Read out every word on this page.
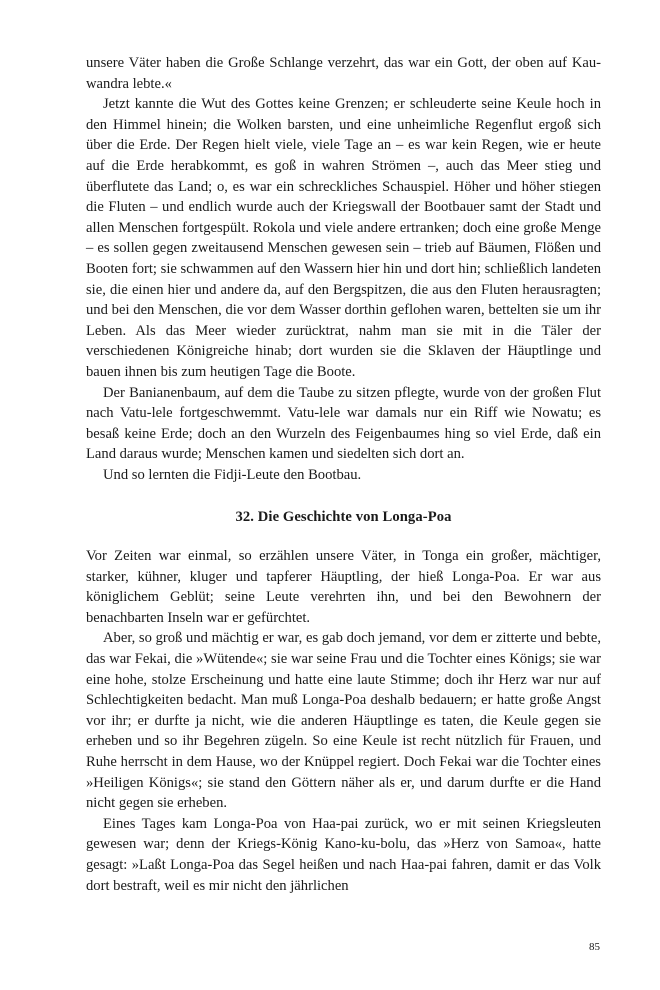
unsere Väter haben die Große Schlange verzehrt, das war ein Gott, der oben auf Kau-wandra lebte.«

Jetzt kannte die Wut des Gottes keine Grenzen; er schleuderte seine Keule hoch in den Himmel hinein; die Wolken barsten, und eine unheimliche Regenflut ergoß sich über die Erde. Der Regen hielt viele, viele Tage an – es war kein Regen, wie er heute auf die Erde herabkommt, es goß in wahren Strömen –, auch das Meer stieg und überflutete das Land; o, es war ein schreckliches Schauspiel. Höher und höher stiegen die Fluten – und endlich wurde auch der Kriegswall der Bootbauer samt der Stadt und allen Menschen fortgespült. Rokola und viele andere ertranken; doch eine große Menge – es sollen gegen zweitausend Menschen gewesen sein – trieb auf Bäumen, Flößen und Booten fort; sie schwammen auf den Wassern hier hin und dort hin; schließlich landeten sie, die einen hier und andere da, auf den Bergspitzen, die aus den Fluten herausragten; und bei den Menschen, die vor dem Wasser dorthin geflohen waren, bettelten sie um ihr Leben. Als das Meer wieder zurücktrat, nahm man sie mit in die Täler der verschiedenen Königreiche hinab; dort wurden sie die Sklaven der Häuptlinge und bauen ihnen bis zum heutigen Tage die Boote.

Der Banianenbaum, auf dem die Taube zu sitzen pflegte, wurde von der großen Flut nach Vatu-lele fortgeschwemmt. Vatu-lele war damals nur ein Riff wie Nowatu; es besaß keine Erde; doch an den Wurzeln des Feigenbaumes hing so viel Erde, daß ein Land daraus wurde; Menschen kamen und siedelten sich dort an.

Und so lernten die Fidji-Leute den Bootbau.

32. Die Geschichte von Longa-Poa

Vor Zeiten war einmal, so erzählen unsere Väter, in Tonga ein großer, mächtiger, starker, kühner, kluger und tapferer Häuptling, der hieß Longa-Poa. Er war aus königlichem Geblüt; seine Leute verehrten ihn, und bei den Bewohnern der benachbarten Inseln war er gefürchtet.

Aber, so groß und mächtig er war, es gab doch jemand, vor dem er zitterte und bebte, das war Fekai, die »Wütende«; sie war seine Frau und die Tochter eines Königs; sie war eine hohe, stolze Erscheinung und hatte eine laute Stimme; doch ihr Herz war nur auf Schlechtigkeiten bedacht. Man muß Longa-Poa deshalb bedauern; er hatte große Angst vor ihr; er durfte ja nicht, wie die anderen Häuptlinge es taten, die Keule gegen sie erheben und so ihr Begehren zügeln. So eine Keule ist recht nützlich für Frauen, und Ruhe herrscht in dem Hause, wo der Knüppel regiert. Doch Fekai war die Tochter eines »Heiligen Königs«; sie stand den Göttern näher als er, und darum durfte er die Hand nicht gegen sie erheben.

Eines Tages kam Longa-Poa von Haa-pai zurück, wo er mit seinen Kriegsleuten gewesen war; denn der Kriegs-König Kano-ku-bolu, das »Herz von Samoa«, hatte gesagt: »Laßt Longa-Poa das Segel heißen und nach Haa-pai fahren, damit er das Volk dort bestraft, weil es mir nicht den jährlichen

85
